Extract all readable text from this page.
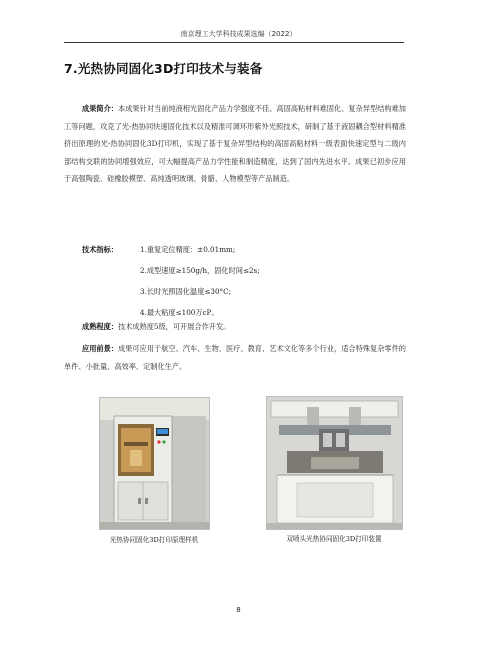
南京理工大学科技成果选编（2022）
7.光热协同固化3D打印技术与装备
成果简介：本成果针对当前纯液相光固化产品力学强度不佳、高固高粘材料难固化、复杂异型结构难加工等问题，攻克了光-热协同快速固化技术以及精准可调环形紫外光照技术，研制了基于液固耦合型材料精准挤出原理的光-热协同固化3D打印机，实现了基于复杂异型结构的高固高粘材料一级表面快速定型与二级内部结构交联的协同增强效应，可大幅提高产品力学性能和制造精度，达到了国内先进水平。成果已初步应用于高强陶瓷、硅橡胶模塑、高纯透明玻璃、骨骼、人物模型等产品制造。
技术指标：	1.重复定位精度：±0.01mm;
2.成型速度≥150g/h，固化时间≤2s;
3.长时光照固化温度≤30°C;
4.最大粘度≤100万cP。
成熟程度：技术成熟度5级，可开展合作开发。
应用前景：成果可应用于航空、汽车、生物、医疗、教育、艺术文化等多个行业，适合特殊复杂零件的单件、小批量、高效率、定制化生产。
光热协同固化3D打印原理样机	双喷头光热协同固化3D打印装置
8
